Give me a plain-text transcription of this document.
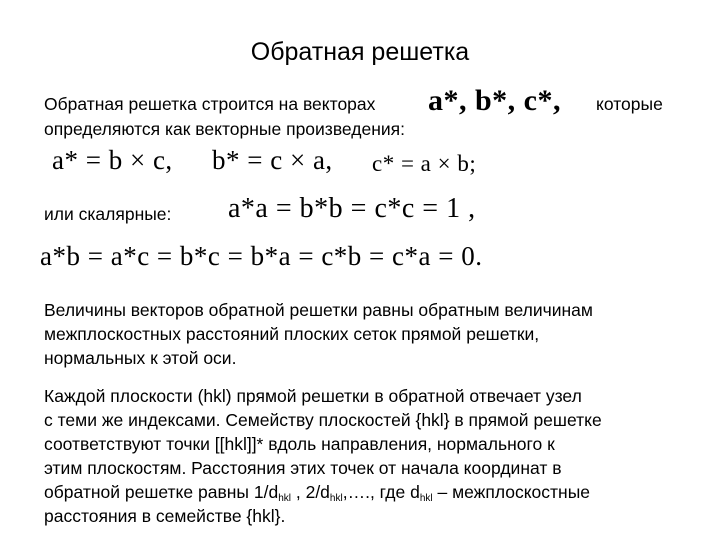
Обратная решетка
Обратная решетка строится на векторах a*, b*, c*, которые
определяются как векторные произведения:
a* = b × c, b* = c × a, c* = a × b;
или скалярные: a*a = b*b = c*c = 1 ,
a*b = a*c = b*c = b*a = c*b = c*a = 0.
Величины векторов обратной решетки равны обратным величинам
межплоскостных расстояний плоских сеток прямой решетки,
нормальных к этой оси.
Каждой плоскости (hkl) прямой решетки в обратной отвечает узел
с теми же индексами. Семейству плоскостей {hkl} в прямой решетке
соответствуют точки [[hkl]]* вдоль направления, нормального к
этим плоскостям. Расстояния этих точек от начала координат в
обратной решетке равны $1/d_{hkl}$ , $2/d_{hkl},\dots$., где $d_{hkl}$ – межплоскостные
расстояния в семействе {hkl}.
